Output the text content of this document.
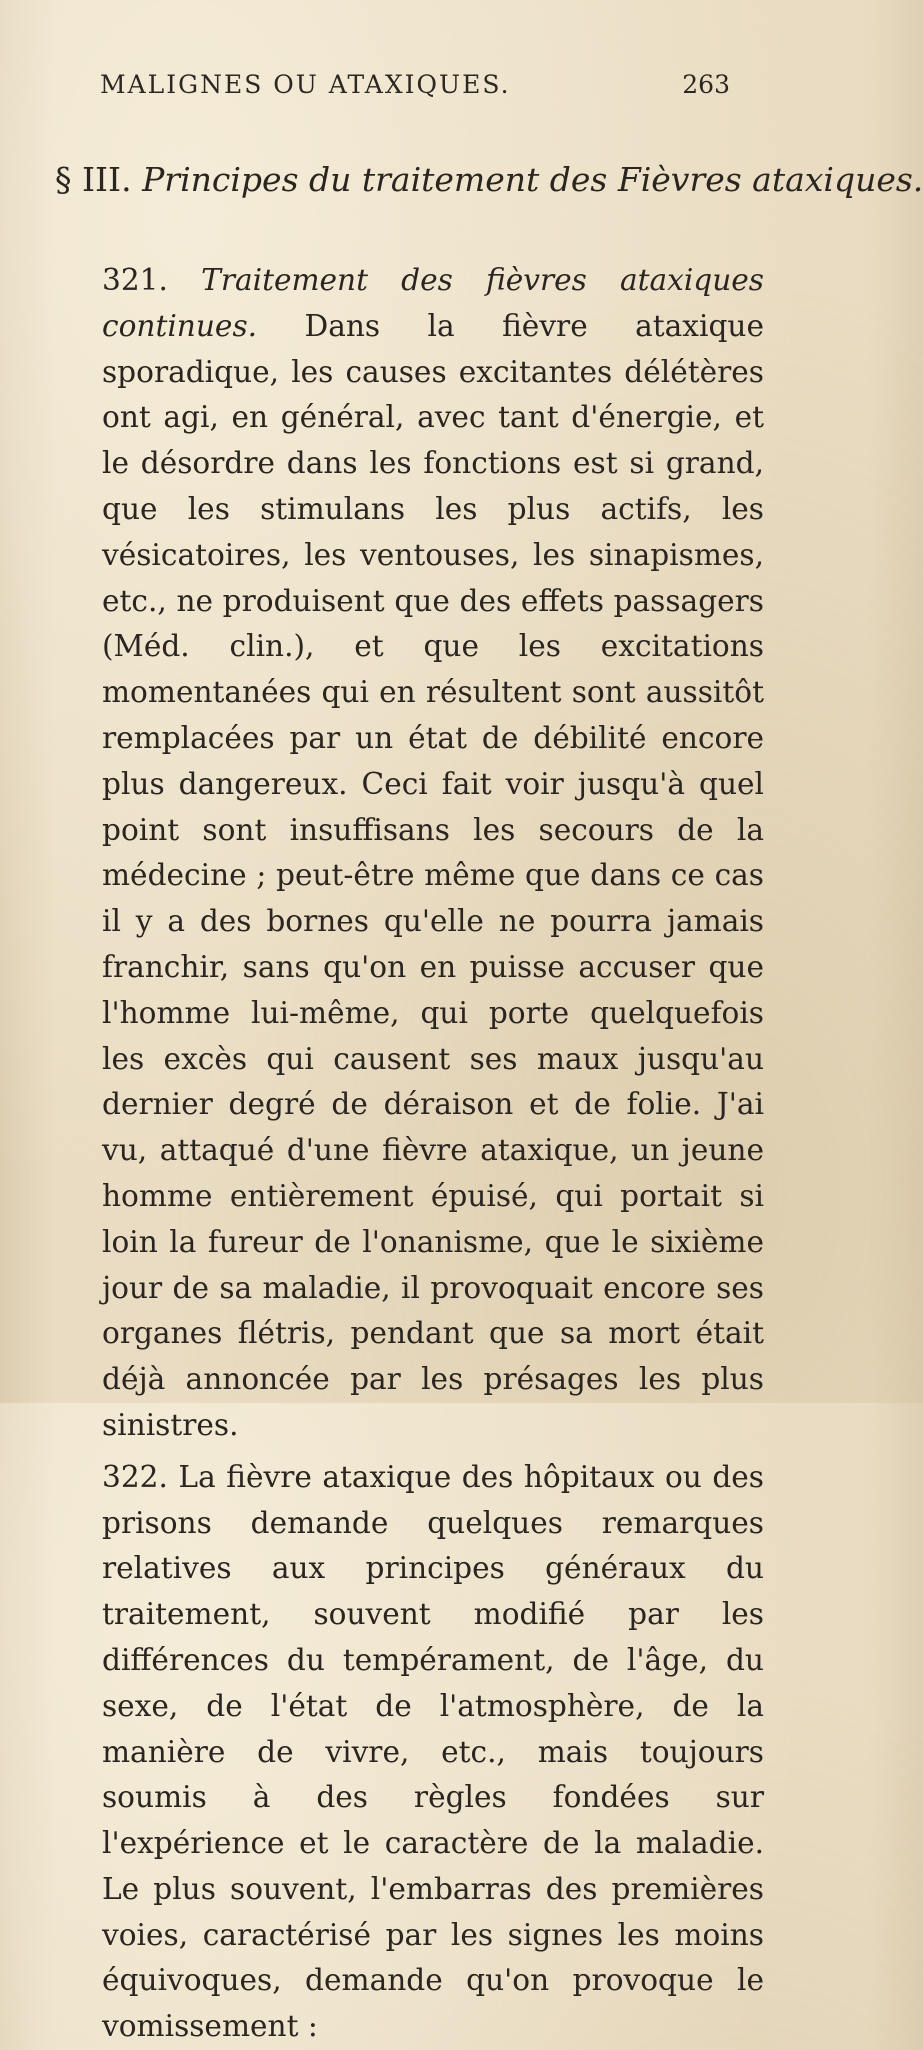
MALIGNES OU ATAXIQUES.	263
§ III. Principes du traitement des Fièvres ataxiques.

321. Traitement des fièvres ataxiques continues. Dans la fièvre ataxique sporadique, les causes excitantes délétères ont agi, en général, avec tant d'énergie, et le désordre dans les fonctions est si grand, que les stimulans les plus actifs, les vésicatoires, les ventouses, les sinapismes, etc., ne produisent que des effets passagers (Méd. clin.), et que les excitations momentanées qui en résultent sont aussitôt remplacées par un état de débilité encore plus dangereux. Ceci fait voir jusqu'à quel point sont insuffisans les secours de la médecine ; peut-être même que dans ce cas il y a des bornes qu'elle ne pourra jamais franchir, sans qu'on en puisse accuser que l'homme lui-même, qui porte quelquefois les excès qui causent ses maux jusqu'au dernier degré de déraison et de folie. J'ai vu, attaqué d'une fièvre ataxique, un jeune homme entièrement épuisé, qui portait si loin la fureur de l'onanisme, que le sixième jour de sa maladie, il provoquait encore ses organes flétris, pendant que sa mort était déjà annoncée par les présages les plus sinistres.

322. La fièvre ataxique des hôpitaux ou des prisons demande quelques remarques relatives aux principes généraux du traitement, souvent modifié par les différences du tempérament, de l'âge, du sexe, de l'état de l'atmosphère, de la manière de vivre, etc., mais toujours soumis à des règles fondées sur l'expérience et le caractère de la maladie. Le plus souvent, l'embarras des premières voies, caractérisé par les signes les moins équivoques, demande qu'on provoque le vomissement :
